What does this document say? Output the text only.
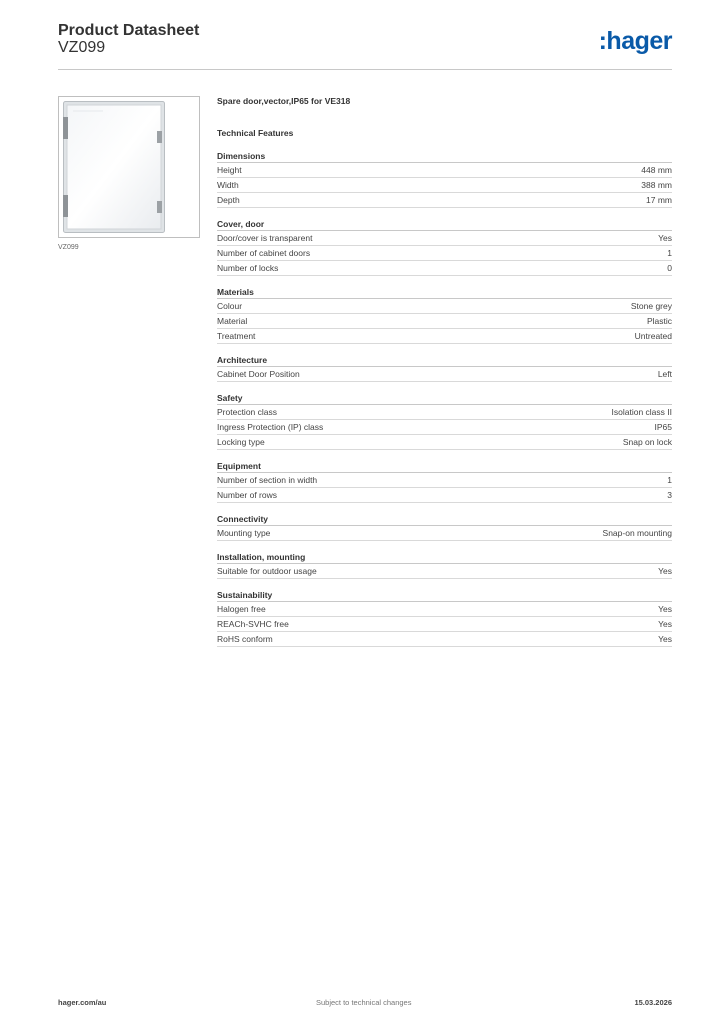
Product Datasheet
VZ099	:hager
VZ099
Spare door,vector,IP65 for VE318
Technical Features
Dimensions
Height	448 mm
Width	388 mm
Depth	17 mm
Cover, door
Door/cover is transparent	Yes
Number of cabinet doors	1
Number of locks	0
Materials
Colour	Stone grey
Material	Plastic
Treatment	Untreated
Architecture
Cabinet Door Position	Left
Safety
Protection class	Isolation class II
Ingress Protection (IP) class	IP65
Locking type	Snap on lock
Equipment
Number of section in width	1
Number of rows	3
Connectivity
Mounting type	Snap-on mounting
Installation, mounting
Suitable for outdoor usage	Yes
Sustainability
Halogen free	Yes
REACh-SVHC free	Yes
RoHS conform	Yes
hager.com/au	Subject to technical changes	15.03.2026
